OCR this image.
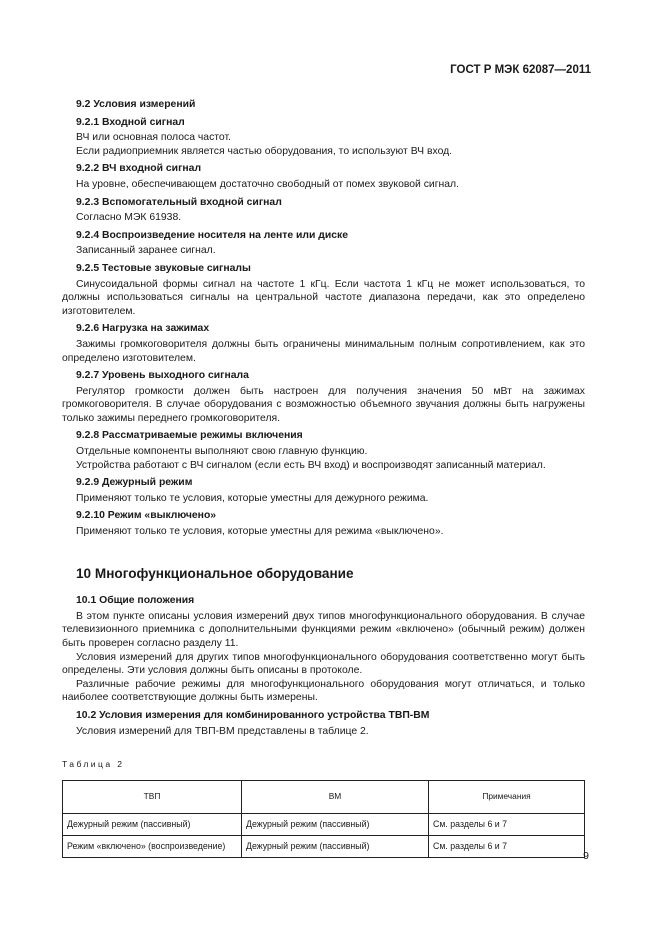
ГОСТ Р МЭК 62087—2011
9.2 Условия измерений
9.2.1 Входной сигнал
ВЧ или основная полоса частот.
Если радиоприемник является частью оборудования, то используют ВЧ вход.
9.2.2 ВЧ входной сигнал
На уровне, обеспечивающем достаточно свободный от помех звуковой сигнал.
9.2.3 Вспомогательный входной сигнал
Согласно МЭК 61938.
9.2.4 Воспроизведение носителя на ленте или диске
Записанный заранее сигнал.
9.2.5 Тестовые звуковые сигналы
Синусоидальной формы сигнал на частоте 1 кГц. Если частота 1 кГц не может использоваться, то должны использоваться сигналы на центральной частоте диапазона передачи, как это определено изготовителем.
9.2.6 Нагрузка на зажимах
Зажимы громкоговорителя должны быть ограничены минимальным полным сопротивлением, как это определено изготовителем.
9.2.7 Уровень выходного сигнала
Регулятор громкости должен быть настроен для получения значения 50 мВт на зажимах громкоговорителя. В случае оборудования с возможностью объемного звучания должны быть нагружены только зажимы переднего громкоговорителя.
9.2.8 Рассматриваемые режимы включения
Отдельные компоненты выполняют свою главную функцию.
Устройства работают с ВЧ сигналом (если есть ВЧ вход) и воспроизводят записанный материал.
9.2.9 Дежурный режим
Применяют только те условия, которые уместны для дежурного режима.
9.2.10 Режим «выключено»
Применяют только те условия, которые уместны для режима «выключено».
10 Многофункциональное оборудование
10.1 Общие положения
В этом пункте описаны условия измерений двух типов многофункционального оборудования. В случае телевизионного приемника с дополнительными функциями режим «включено» (обычный режим) должен быть проверен согласно разделу 11.
Условия измерений для других типов многофункционального оборудования соответственно могут быть определены. Эти условия должны быть описаны в протоколе.
Различные рабочие режимы для многофункционального оборудования могут отличаться, и только наиболее соответствующие должны быть измерены.
10.2 Условия измерения для комбинированного устройства ТВП-ВМ
Условия измерений для ТВП-ВМ представлены в таблице 2.
Таблица 2
ТВП	ВМ	Примечания
Дежурный режим (пассивный)	Дежурный режим (пассивный)	См. разделы 6 и 7
Режим «включено» (воспроизведение)	Дежурный режим (пассивный)	См. разделы 6 и 7
9
